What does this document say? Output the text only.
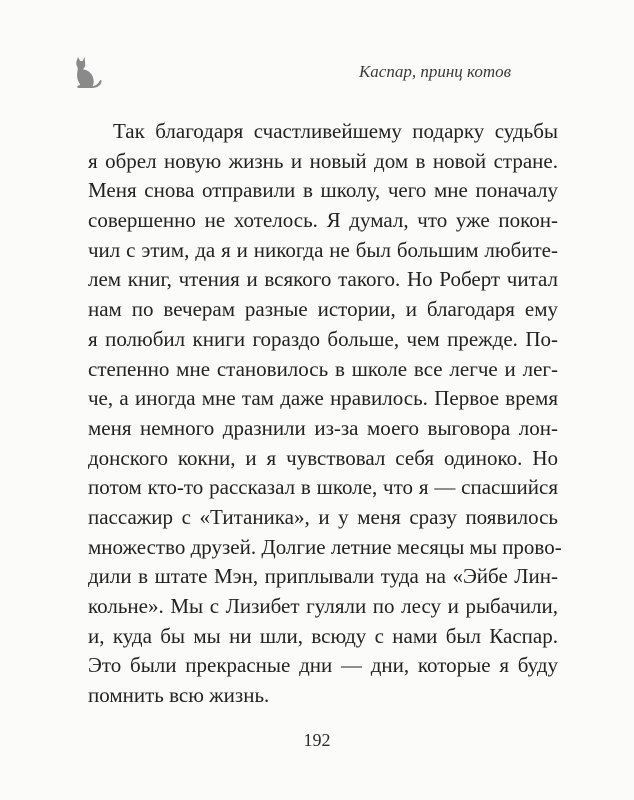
Каспар, принц котов
Так благодаря счастливейшему подарку судьбы
я обрел новую жизнь и новый дом в новой стране.
Меня снова отправили в школу, чего мне поначалу
совершенно не хотелось. Я думал, что уже покон-
чил с этим, да я и никогда не был большим любите-
лем книг, чтения и всякого такого. Но Роберт читал
нам по вечерам разные истории, и благодаря ему
я полюбил книги гораздо больше, чем прежде. По-
степенно мне становилось в школе все легче и лег-
че, а иногда мне там даже нравилось. Первое время
меня немного дразнили из-за моего выговора лон-
донского кокни, и я чувствовал себя одиноко. Но
потом кто-то рассказал в школе, что я — спасшийся
пассажир с «Титаника», и у меня сразу появилось
множество друзей. Долгие летние месяцы мы прово-
дили в штате Мэн, приплывали туда на «Эйбе Лин-
кольне». Мы с Лизибет гуляли по лесу и рыбачили,
и, куда бы мы ни шли, всюду с нами был Каспар.
Это были прекрасные дни — дни, которые я буду
помнить всю жизнь.
192
